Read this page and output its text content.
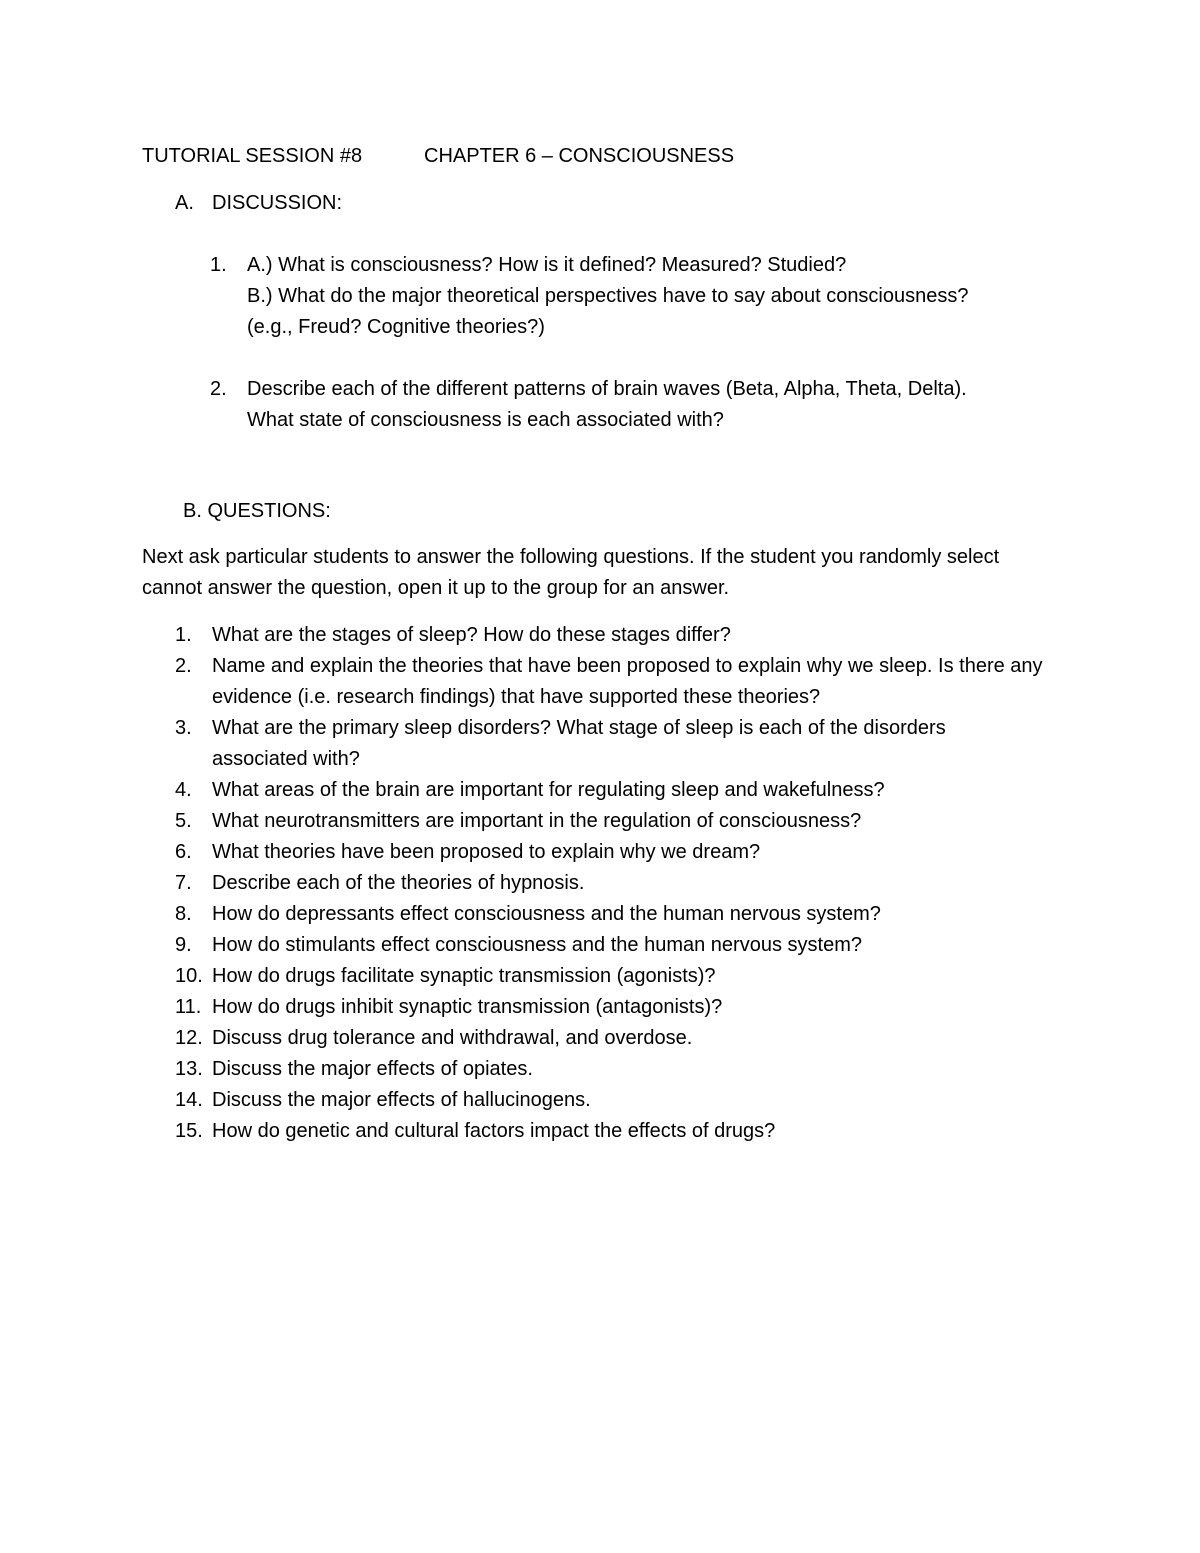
TUTORIAL SESSION #8	CHAPTER 6 – CONSCIOUSNESS
A. DISCUSSION:
1.	A.) What is consciousness? How is it defined? Measured? Studied?
B.) What do the major theoretical perspectives have to say about consciousness?
(e.g., Freud? Cognitive theories?)
2.	Describe each of the different patterns of brain waves (Beta, Alpha, Theta, Delta).
What state of consciousness is each associated with?
B. QUESTIONS:
Next ask particular students to answer the following questions. If the student you randomly select cannot answer the question, open it up to the group for an answer.
1.	What are the stages of sleep? How do these stages differ?
2.	Name and explain the theories that have been proposed to explain why we sleep. Is there any evidence (i.e. research findings) that have supported these theories?
3.	What are the primary sleep disorders? What stage of sleep is each of the disorders associated with?
4.	What areas of the brain are important for regulating sleep and wakefulness?
5.	What neurotransmitters are important in the regulation of consciousness?
6.	What theories have been proposed to explain why we dream?
7.	Describe each of the theories of hypnosis.
8.	How do depressants effect consciousness and the human nervous system?
9.	How do stimulants effect consciousness and the human nervous system?
10. How do drugs facilitate synaptic transmission (agonists)?
11. How do drugs inhibit synaptic transmission (antagonists)?
12. Discuss drug tolerance and withdrawal, and overdose.
13. Discuss the major effects of opiates.
14. Discuss the major effects of hallucinogens.
15. How do genetic and cultural factors impact the effects of drugs?
